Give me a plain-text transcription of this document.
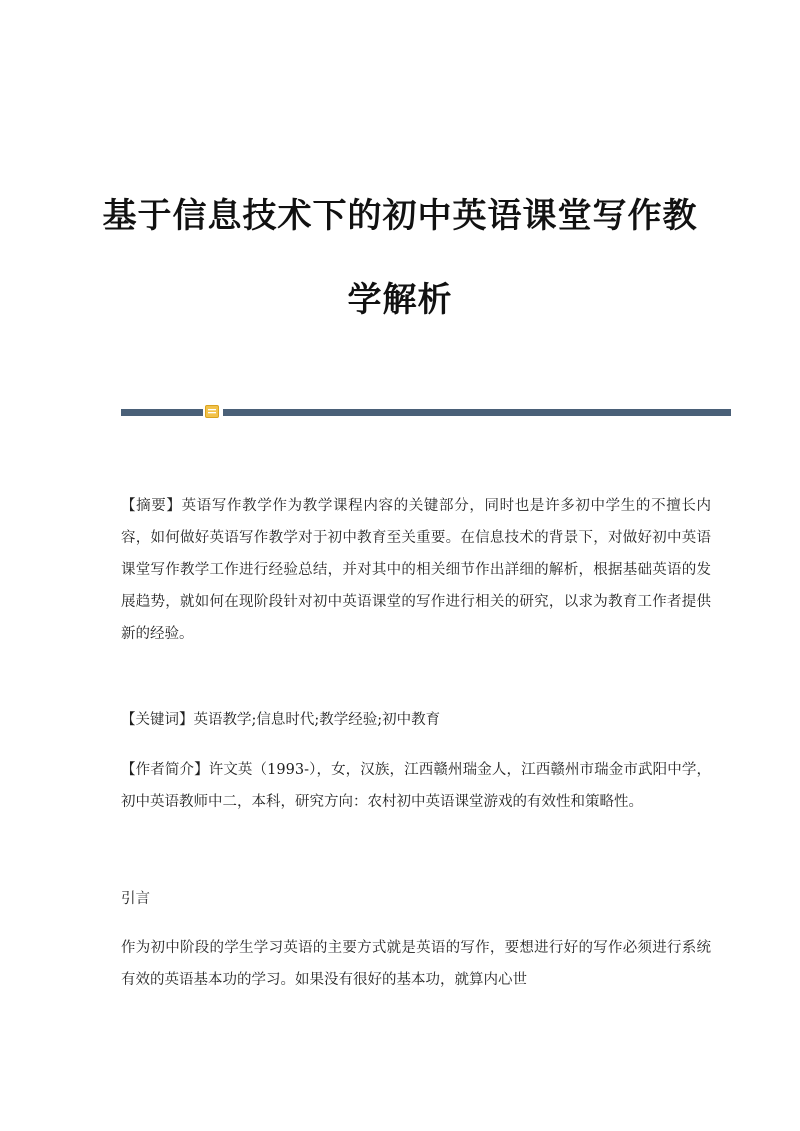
基于信息技术下的初中英语课堂写作教
学解析

【摘要】英语写作教学作为教学课程内容的关键部分，同时也是许多初中学生的不擅长内容，如何做好英语写作教学对于初中教育至关重要。在信息技术的背景下，对做好初中英语课堂写作教学工作进行经验总结，并对其中的相关细节作出詳细的解析，根据基础英语的发展趋势，就如何在现阶段针对初中英语课堂的写作进行相关的研究，以求为教育工作者提供新的经验。

【关键词】英语教学;信息时代;教学经验;初中教育

【作者简介】许文英（1993-），女，汉族，江西赣州瑞金人，江西赣州市瑞金市武阳中学，初中英语教师中二，本科，研究方向：农村初中英语课堂游戏的有效性和策略性。

引言

作为初中阶段的学生学习英语的主要方式就是英语的写作，要想进行好的写作必须进行系统有效的英语基本功的学习。如果没有很好的基本功，就算内心世
